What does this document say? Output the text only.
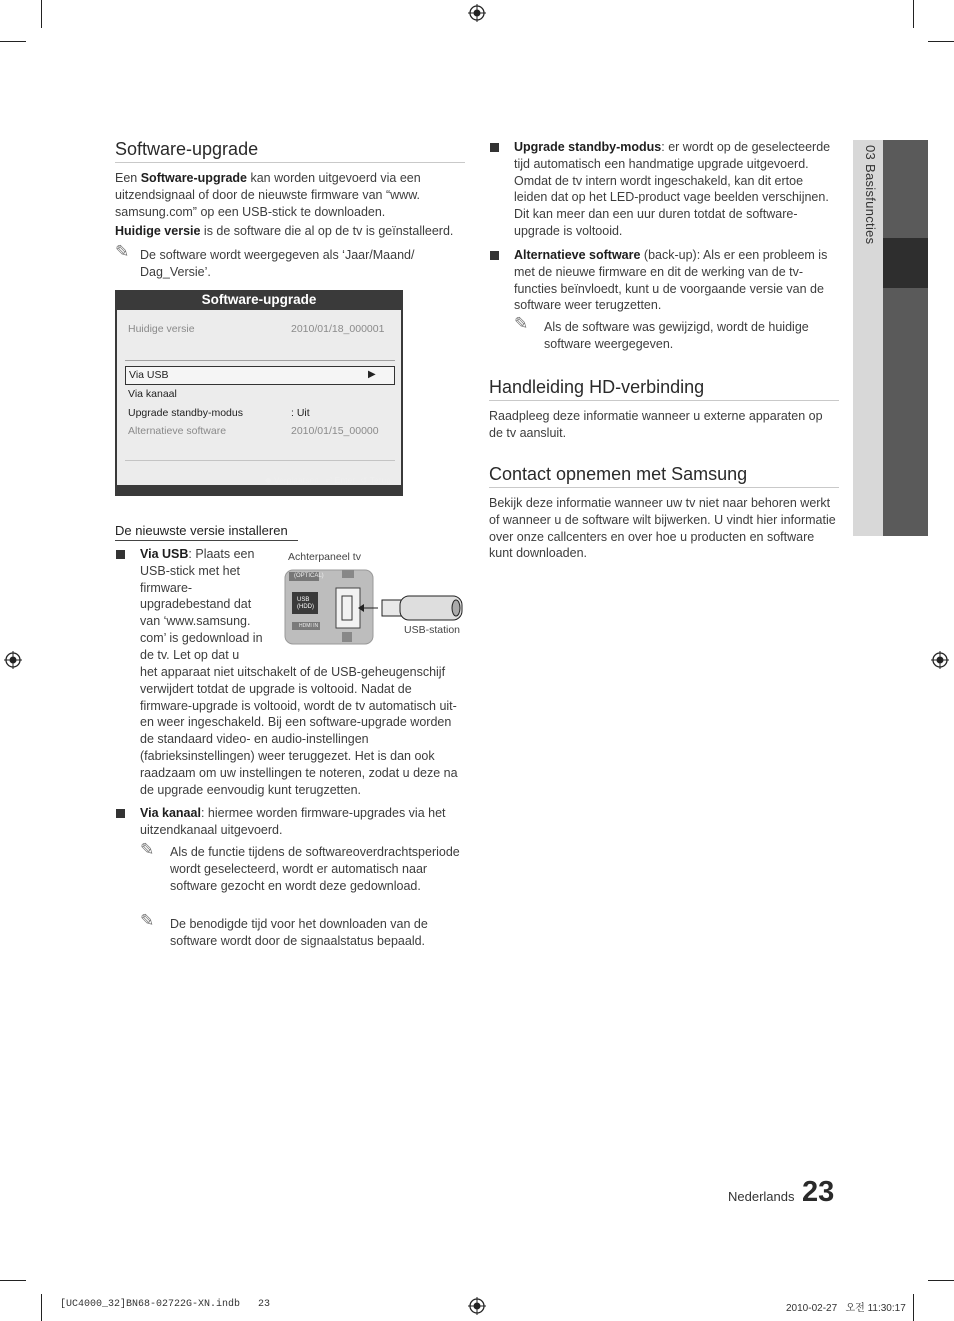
Software-upgrade
Een Software-upgrade kan worden uitgevoerd via een uitzendsignaal of door de nieuwste firmware van “www. samsung.com” op een USB-stick te downloaden.
Huidige versie is de software die al op de tv is geïnstalleerd.
✎ De software wordt weergegeven als ‘Jaar/Maand/ Dag_Versie’.
Software-upgrade
Huidige versie	2010/01/18_000001
Via USB	▶
Via kanaal
Upgrade standby-modus	: Uit
Alternatieve software	2010/01/15_00000
◆ Verplaatsen ⏎ Enter ↺ Terug
De nieuwste versie installeren
Via USB: Plaats een USB-stick met het firmware-upgradebestand dat van ‘www.samsung. com’ is gedownload in de tv. Let op dat u
Achterpaneel tv
(OPTICAL)
USB
(HDD)
HDMI IN	USB-station
het apparaat niet uitschakelt of de USB-geheugenschijf verwijdert totdat de upgrade is voltooid. Nadat de firmware-upgrade is voltooid, wordt de tv automatisch uit- en weer ingeschakeld. Bij een software-upgrade worden de standaard video- en audio-instellingen (fabrieksinstellingen) weer teruggezet. Het is dan ook raadzaam om uw instellingen te noteren, zodat u deze na de upgrade eenvoudig kunt terugzetten.
Via kanaal: hiermee worden firmware-upgrades via het uitzendkanaal uitgevoerd.
✎ Als de functie tijdens de softwareoverdrachtsperiode wordt geselecteerd, wordt er automatisch naar software gezocht en wordt deze gedownload.
✎ De benodigde tijd voor het downloaden van de software wordt door de signaalstatus bepaald.
Upgrade standby-modus: er wordt op de geselecteerde tijd automatisch een handmatige upgrade uitgevoerd. Omdat de tv intern wordt ingeschakeld, kan dit ertoe leiden dat op het LED-product vage beelden verschijnen. Dit kan meer dan een uur duren totdat de software-upgrade is voltooid.
Alternatieve software (back-up): Als er een probleem is met de nieuwe firmware en dit de werking van de tv-functies beïnvloedt, kunt u de voorgaande versie van de software weer terugzetten.
✎ Als de software was gewijzigd, wordt de huidige software weergegeven.
Handleiding HD-verbinding
Raadpleeg deze informatie wanneer u externe apparaten op de tv aansluit.
Contact opnemen met Samsung
Bekijk deze informatie wanneer uw tv niet naar behoren werkt of wanneer u de software wilt bijwerken. U vindt hier informatie over onze callcenters en over hoe u producten en software kunt downloaden.
03 Basisfuncties
Nederlands 23
[UC4000_32]BN68-02722G-XN.indb   23	2010-02-27   오전 11:30:17
